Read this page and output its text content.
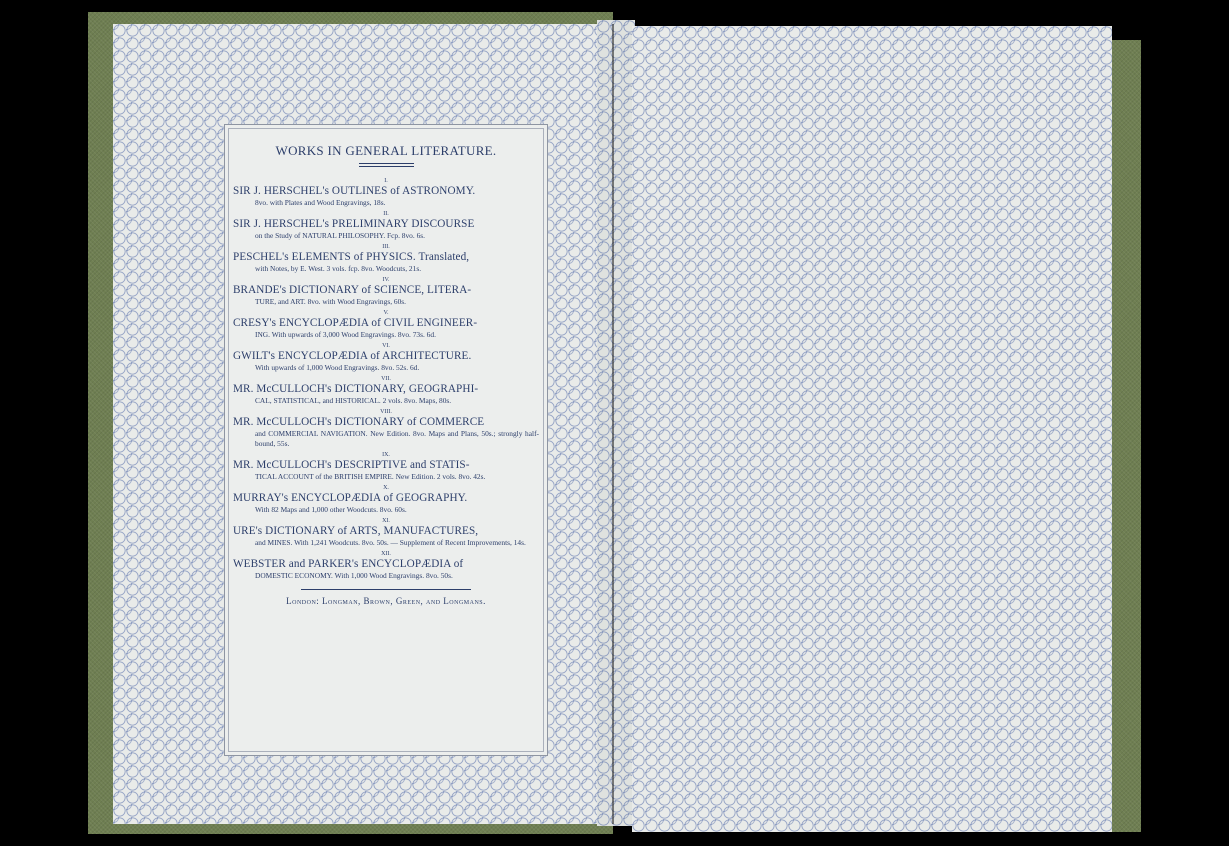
WORKS IN GENERAL LITERATURE.
I.
SIR J. HERSCHEL's OUTLINES of ASTRONOMY.
8vo. with Plates and Wood Engravings, 18s.
II.
SIR J. HERSCHEL's PRELIMINARY DISCOURSE
on the Study of NATURAL PHILOSOPHY. Fcp. 8vo. 6s.
III.
PESCHEL's ELEMENTS of PHYSICS. Translated,
with Notes, by E. West. 3 vols. fcp. 8vo. Woodcuts, 21s.
IV.
BRANDE's DICTIONARY of SCIENCE, LITERA-
TURE, and ART. 8vo. with Wood Engravings, 60s.
V.
CRESY's ENCYCLOPÆDIA of CIVIL ENGINEER-
ING. With upwards of 3,000 Wood Engravings. 8vo. 73s. 6d.
VI.
GWILT's ENCYCLOPÆDIA of ARCHITECTURE.
With upwards of 1,000 Wood Engravings. 8vo. 52s. 6d.
VII.
MR. McCULLOCH's DICTIONARY, GEOGRAPHI-
CAL, STATISTICAL, and HISTORICAL. 2 vols. 8vo. Maps, 80s.
VIII.
MR. McCULLOCH's DICTIONARY of COMMERCE
and COMMERCIAL NAVIGATION. New Edition. 8vo. Maps and Plans, 50s.; strongly half-bound, 55s.
IX.
MR. McCULLOCH's DESCRIPTIVE and STATIS-
TICAL ACCOUNT of the BRITISH EMPIRE. New Edition. 2 vols. 8vo. 42s.
X.
MURRAY's ENCYCLOPÆDIA of GEOGRAPHY.
With 82 Maps and 1,000 other Woodcuts. 8vo. 60s.
XI.
URE's DICTIONARY of ARTS, MANUFACTURES,
and MINES. With 1,241 Woodcuts. 8vo. 50s. — Supplement of Recent Improvements, 14s.
XII.
WEBSTER and PARKER's ENCYCLOPÆDIA of
DOMESTIC ECONOMY. With 1,000 Wood Engravings. 8vo. 50s.
London: Longman, Brown, Green, and Longmans.
